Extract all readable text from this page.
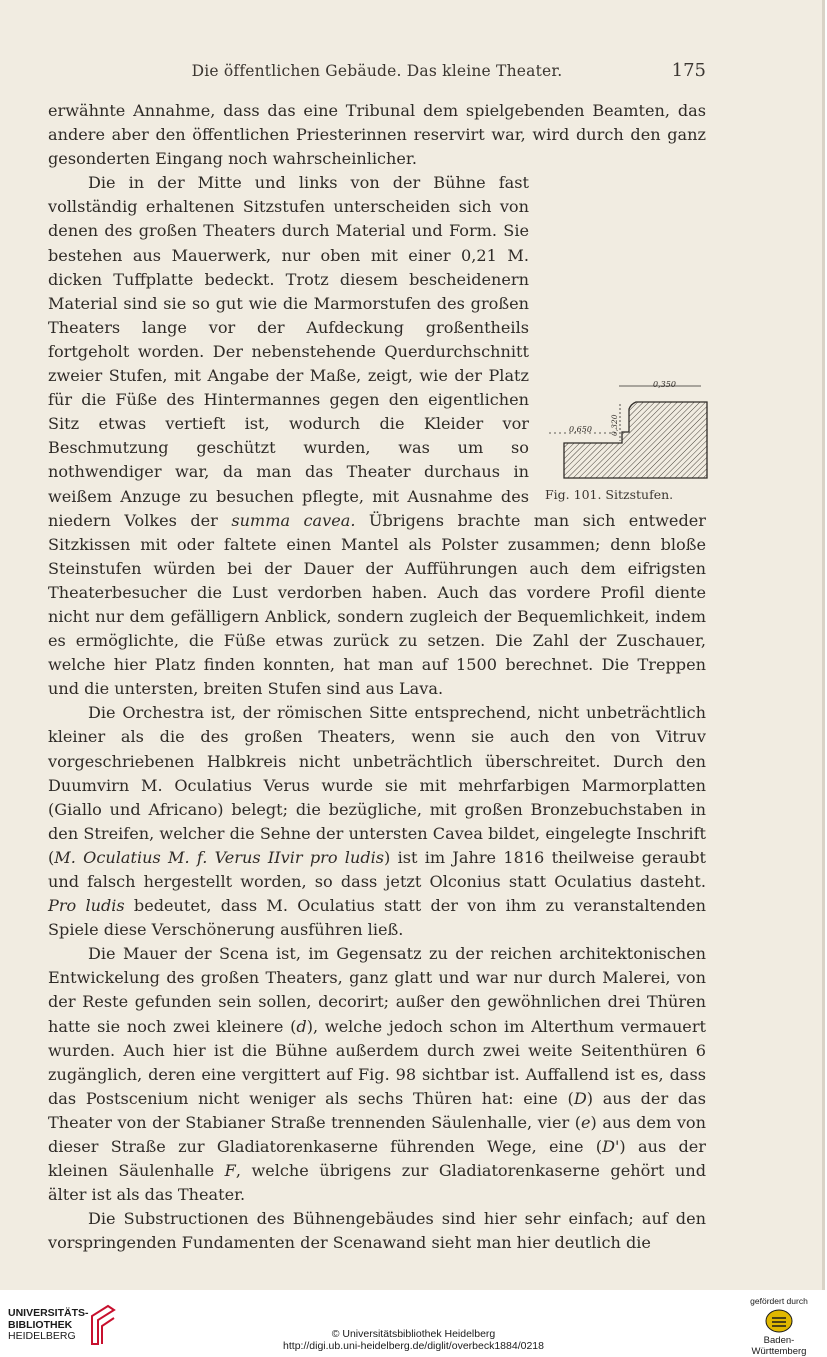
Die öffentlichen Gebäude. Das kleine Theater.	175

erwähnte Annahme, dass das eine Tribunal dem spielgebenden Beamten, das andere aber den öffentlichen Priesterinnen reservirt war, wird durch den ganz gesonderten Eingang noch wahrscheinlicher.

0,350
0,320
0,650
Fig. 101. Sitzstufen.

Die in der Mitte und links von der Bühne fast vollständig erhaltenen Sitzstufen unterscheiden sich von denen des großen Theaters durch Material und Form. Sie bestehen aus Mauerwerk, nur oben mit einer 0,21 M. dicken Tuffplatte bedeckt. Trotz diesem bescheidenern Material sind sie so gut wie die Marmorstufen des großen Theaters lange vor der Aufdeckung großentheils fortgeholt worden. Der nebenstehende Querdurchschnitt zweier Stufen, mit Angabe der Maße, zeigt, wie der Platz für die Füße des Hintermannes gegen den eigentlichen Sitz etwas vertieft ist, wodurch die Kleider vor Beschmutzung geschützt wurden, was um so nothwendiger war, da man das Theater durchaus in weißem Anzuge zu besuchen pflegte, mit Ausnahme des niedern Volkes der summa cavea. Übrigens brachte man sich entweder Sitzkissen mit oder faltete einen Mantel als Polster zusammen; denn bloße Steinstufen würden bei der Dauer der Aufführungen auch dem eifrigsten Theaterbesucher die Lust verdorben haben. Auch das vordere Profil diente nicht nur dem gefälligern Anblick, sondern zugleich der Bequemlichkeit, indem es ermöglichte, die Füße etwas zurück zu setzen. Die Zahl der Zuschauer, welche hier Platz finden konnten, hat man auf 1500 berechnet. Die Treppen und die untersten, breiten Stufen sind aus Lava.

Die Orchestra ist, der römischen Sitte entsprechend, nicht unbeträchtlich kleiner als die des großen Theaters, wenn sie auch den von Vitruv vorgeschriebenen Halbkreis nicht unbeträchtlich überschreitet. Durch den Duumvirn M. Oculatius Verus wurde sie mit mehrfarbigen Marmorplatten (Giallo und Africano) belegt; die bezügliche, mit großen Bronzebuchstaben in den Streifen, welcher die Sehne der untersten Cavea bildet, eingelegte Inschrift (M. Oculatius M. f. Verus IIvir pro ludis) ist im Jahre 1816 theilweise geraubt und falsch hergestellt worden, so dass jetzt Olconius statt Oculatius dasteht. Pro ludis bedeutet, dass M. Oculatius statt der von ihm zu veranstaltenden Spiele diese Verschönerung ausführen ließ.

Die Mauer der Scena ist, im Gegensatz zu der reichen architektonischen Entwickelung des großen Theaters, ganz glatt und war nur durch Malerei, von der Reste gefunden sein sollen, decorirt; außer den gewöhnlichen drei Thüren hatte sie noch zwei kleinere (d), welche jedoch schon im Alterthum vermauert wurden. Auch hier ist die Bühne außerdem durch zwei weite Seitenthüren 6 zugänglich, deren eine vergittert auf Fig. 98 sichtbar ist. Auffallend ist es, dass das Postscenium nicht weniger als sechs Thüren hat: eine (D) aus der das Theater von der Stabianer Straße trennenden Säulenhalle, vier (e) aus dem von dieser Straße zur Gladiatorenkaserne führenden Wege, eine (D') aus der kleinen Säulenhalle F, welche übrigens zur Gladiatorenkaserne gehört und älter ist als das Theater.

Die Substructionen des Bühnengebäudes sind hier sehr einfach; auf den vorspringenden Fundamenten der Scenawand sieht man hier deutlich die

UNIVERSITÄTS-
BIBLIOTHEK
HEIDELBERG	© Universitätsbibliothek Heidelberg
http://digi.ub.uni-heidelberg.de/diglit/overbeck1884/0218
gefördert durch
Baden-Württemberg
